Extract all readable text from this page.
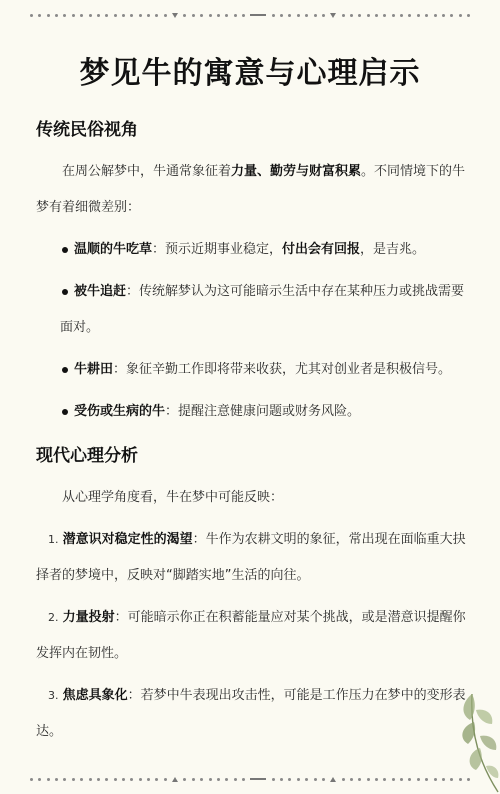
梦见牛的寓意与心理启示
传统民俗视角

在周公解梦中，牛通常象征着力量、勤劳与财富积累。不同情境下的牛梦有着细微差别：

温顺的牛吃草：预示近期事业稳定，付出会有回报，是吉兆。

被牛追赶：传统解梦认为这可能暗示生活中存在某种压力或挑战需要面对。

牛耕田：象征辛勤工作即将带来收获，尤其对创业者是积极信号。

受伤或生病的牛：提醒注意健康问题或财务风险。

现代心理分析

从心理学角度看，牛在梦中可能反映：

1. 潜意识对稳定性的渴望：牛作为农耕文明的象征，常出现在面临重大抉择者的梦境中，反映对“脚踏实地”生活的向往。

2. 力量投射：可能暗示你正在积蓄能量应对某个挑战，或是潜意识提醒你发挥内在韧性。

3. 焦虑具象化：若梦中牛表现出攻击性，可能是工作压力在梦中的变形表达。
